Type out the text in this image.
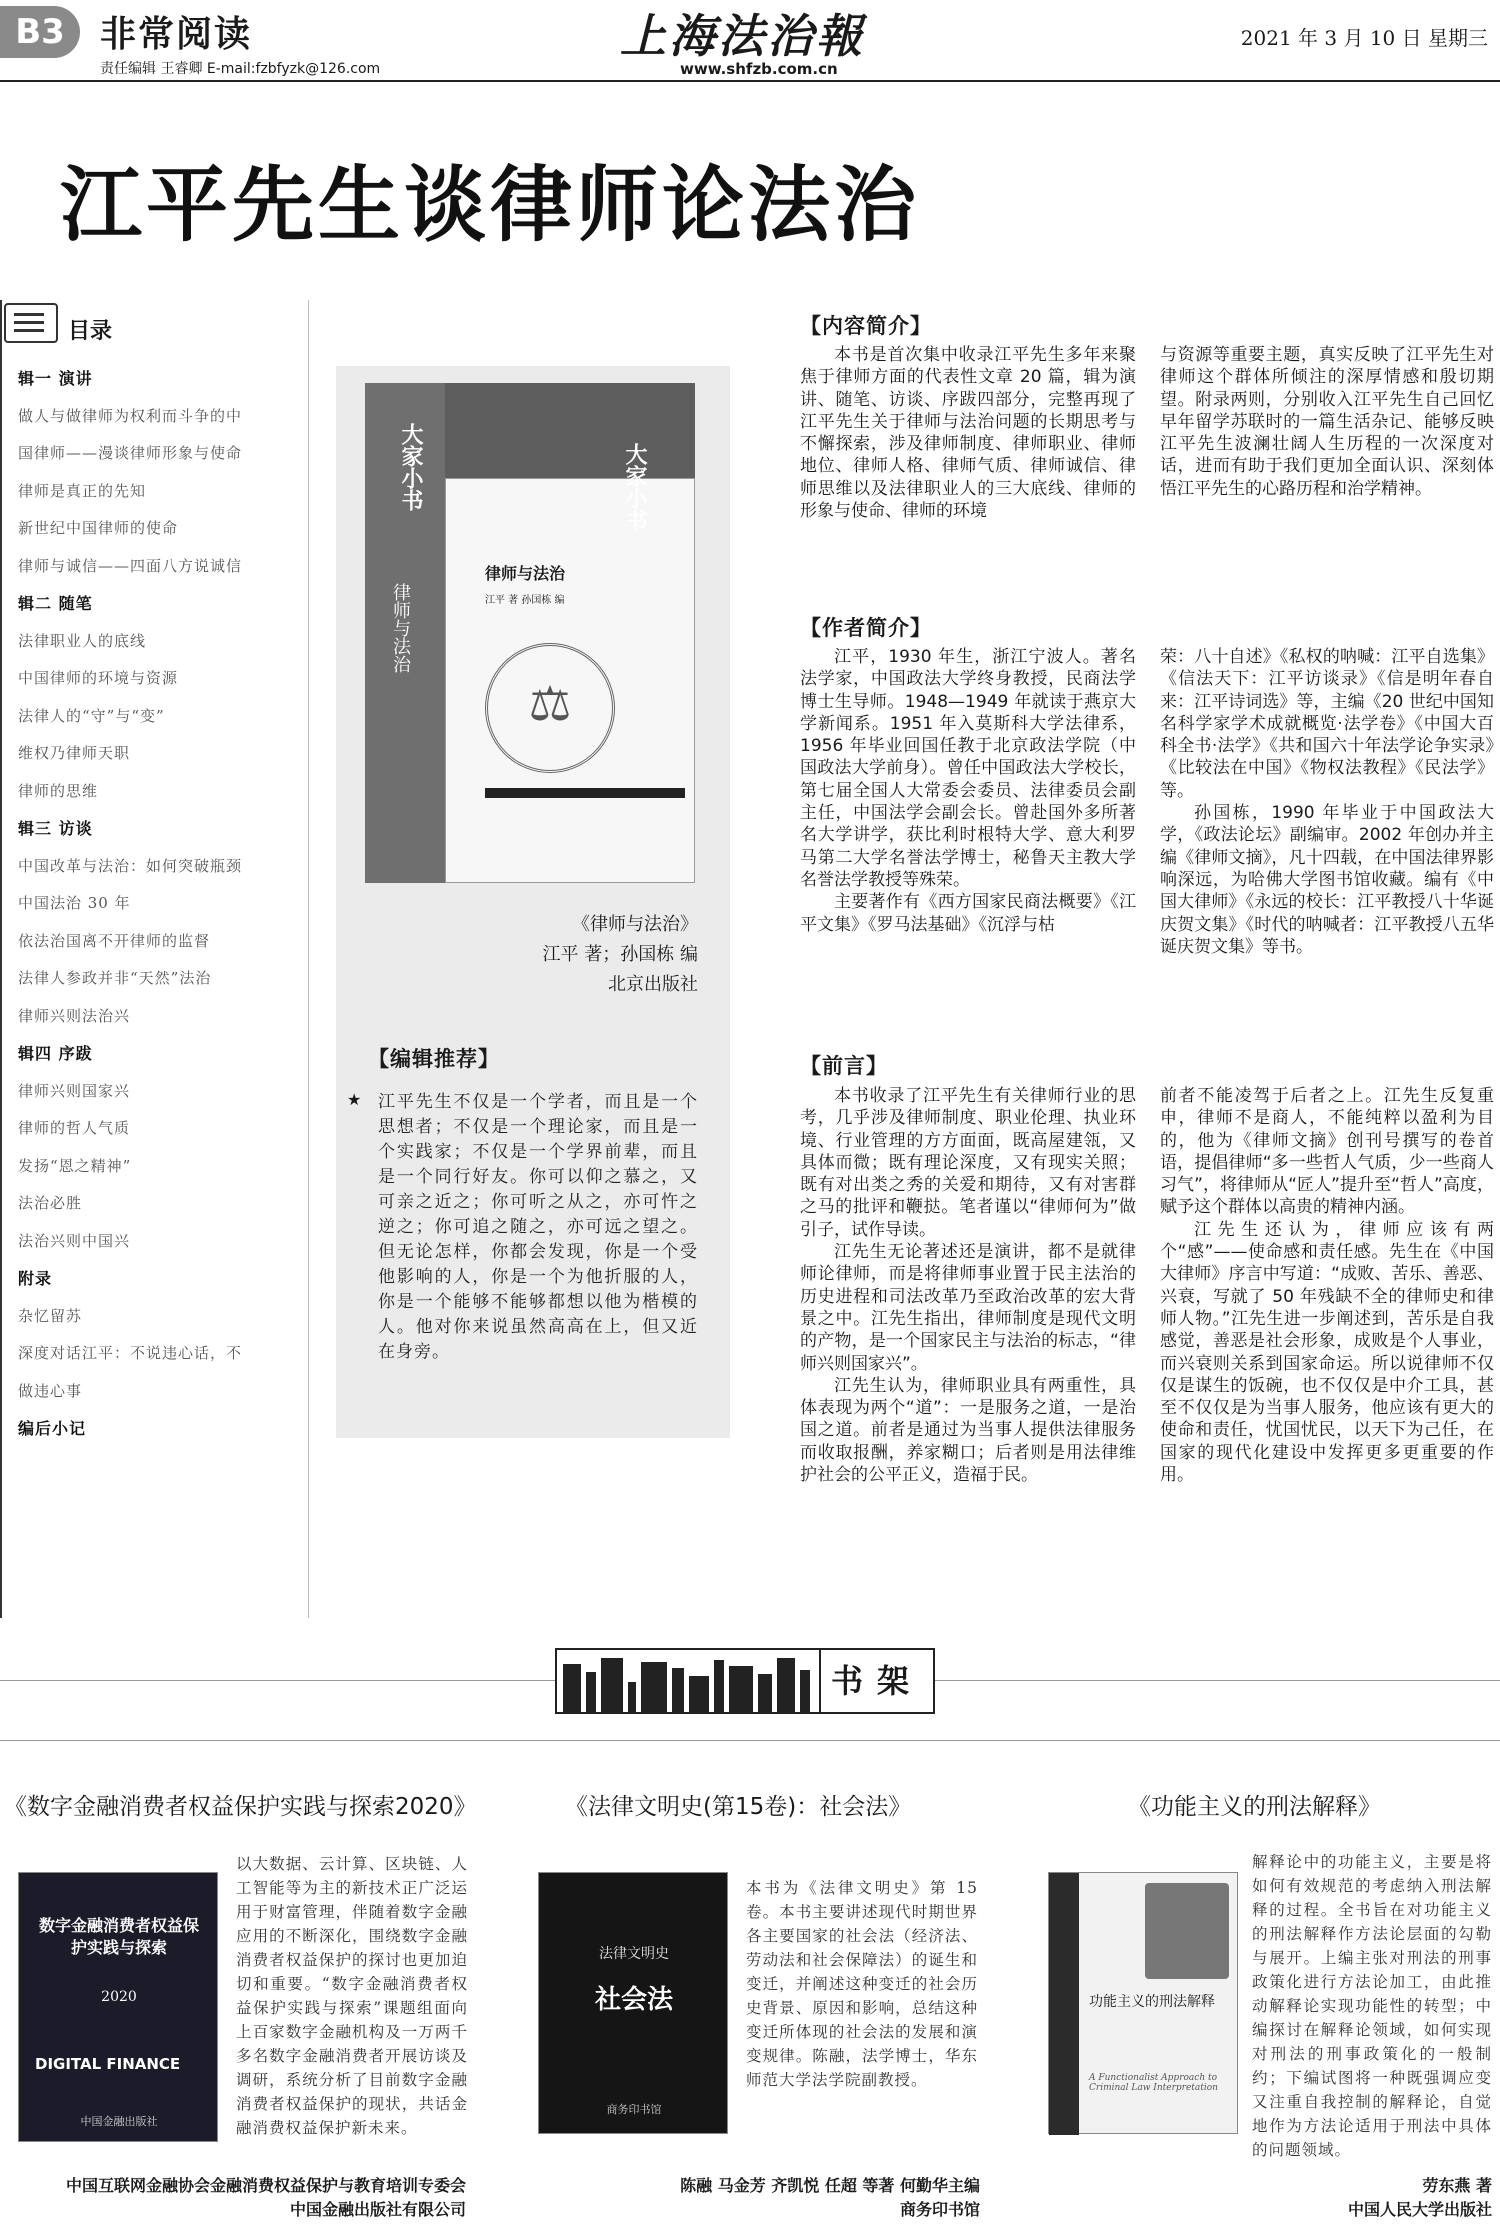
B3 非常阅读
责任编辑 王睿卿 E-mail:fzbfyzk@126.com
上海法治報
www.shfzb.com.cn
2021 年 3 月 10 日 星期三
江平先生谈律师论法治
目录
辑一 演讲
做人与做律师为权利而斗争的中
国律师——漫谈律师形象与使命
律师是真正的先知
新世纪中国律师的使命
律师与诚信——四面八方说诚信
辑二 随笔
法律职业人的底线
中国律师的环境与资源
法律人的“守”与“变”
维权乃律师天职
律师的思维
辑三 访谈
中国改革与法治：如何突破瓶颈
中国法治 30 年
依法治国离不开律师的监督
法律人参政并非“天然”法治
律师兴则法治兴
辑四 序跋
律师兴则国家兴
律师的哲人气质
发扬“恩之精神”
法治必胜
法治兴则中国兴
附录
杂忆留苏
深度对话江平：不说违心话，不
做违心事
编后小记
大家小书
律师与法治
大家小书
律师与法治
江平 著 孙国栋 编
⚖
《律师与法治》
江平 著；孙国栋 编
北京出版社
【编辑推荐】
★ 江平先生不仅是一个学者，而且是一个思想者；不仅是一个理论家，而且是一个实践家；不仅是一个学界前辈，而且是一个同行好友。你可以仰之慕之，又可亲之近之；你可听之从之，亦可忤之逆之；你可追之随之，亦可远之望之。但无论怎样，你都会发现，你是一个受他影响的人，你是一个为他折服的人，你是一个能够不能够都想以他为楷模的人。他对你来说虽然高高在上，但又近在身旁。
【内容简介】

本书是首次集中收录江平先生多年来聚焦于律师方面的代表性文章 20 篇，辑为演讲、随笔、访谈、序跋四部分，完整再现了江平先生关于律师与法治问题的长期思考与不懈探索，涉及律师制度、律师职业、律师地位、律师人格、律师气质、律师诚信、律师思维以及法律职业人的三大底线、律师的形象与使命、律师的环境

与资源等重要主题，真实反映了江平先生对律师这个群体所倾注的深厚情感和殷切期望。附录两则，分别收入江平先生自己回忆早年留学苏联时的一篇生活杂记、能够反映江平先生波澜壮阔人生历程的一次深度对话，进而有助于我们更加全面认识、深刻体悟江平先生的心路历程和治学精神。

【作者简介】

江平，1930 年生，浙江宁波人。著名法学家，中国政法大学终身教授，民商法学博士生导师。1948—1949 年就读于燕京大学新闻系。1951 年入莫斯科大学法律系，1956 年毕业回国任教于北京政法学院（中国政法大学前身）。曾任中国政法大学校长，第七届全国人大常委会委员、法律委员会副主任，中国法学会副会长。曾赴国外多所著名大学讲学，获比利时根特大学、意大利罗马第二大学名誉法学博士，秘鲁天主教大学名誉法学教授等殊荣。

主要著作有《西方国家民商法概要》《江平文集》《罗马法基础》《沉浮与枯

荣：八十自述》《私权的呐喊：江平自选集》《信法天下：江平访谈录》《信是明年春自来：江平诗词选》等，主编《20 世纪中国知名科学家学术成就概览·法学卷》《中国大百科全书·法学》《共和国六十年法学论争实录》《比较法在中国》《物权法教程》《民法学》等。

孙国栋，1990 年毕业于中国政法大学，《政法论坛》副编审。2002 年创办并主编《律师文摘》，凡十四载，在中国法律界影响深远，为哈佛大学图书馆收藏。编有《中国大律师》《永远的校长：江平教授八十华诞庆贺文集》《时代的呐喊者：江平教授八五华诞庆贺文集》等书。

【前言】

本书收录了江平先生有关律师行业的思考，几乎涉及律师制度、职业伦理、执业环境、行业管理的方方面面，既高屋建瓴，又具体而微；既有理论深度，又有现实关照；既有对出类之秀的关爱和期待，又有对害群之马的批评和鞭挞。笔者谨以“律师何为”做引子，试作导读。

江先生无论著述还是演讲，都不是就律师论律师，而是将律师事业置于民主法治的历史进程和司法改革乃至政治改革的宏大背景之中。江先生指出，律师制度是现代文明的产物，是一个国家民主与法治的标志，“律师兴则国家兴”。

江先生认为，律师职业具有两重性，具体表现为两个“道”：一是服务之道，一是治国之道。前者是通过为当事人提供法律服务而收取报酬，养家糊口；后者则是用法律维护社会的公平正义，造福于民。

前者不能凌驾于后者之上。江先生反复重申，律师不是商人，不能纯粹以盈利为目的，他为《律师文摘》创刊号撰写的卷首语，提倡律师“多一些哲人气质，少一些商人习气”，将律师从“匠人”提升至“哲人”高度，赋予这个群体以高贵的精神内涵。

江先生还认为，律师应该有两个“感”——使命感和责任感。先生在《中国大律师》序言中写道：“成败、苦乐、善恶、兴衰，写就了 50 年残缺不全的律师史和律师人物。”江先生进一步阐述到，苦乐是自我感觉，善恶是社会形象，成败是个人事业，而兴衰则关系到国家命运。所以说律师不仅仅是谋生的饭碗，也不仅仅是中介工具，甚至不仅仅是为当事人服务，他应该有更大的使命和责任，忧国忧民，以天下为己任，在国家的现代化建设中发挥更多更重要的作用。

书架
《数字金融消费者权益保护实践与探索2020》
数字金融消费者权益保护实践与探索
2020
DIGITAL FINANCE
中国金融出版社
以大数据、云计算、区块链、人工智能等为主的新技术正广泛运用于财富管理，伴随着数字金融应用的不断深化，围绕数字金融消费者权益保护的探讨也更加迫切和重要。“数字金融消费者权益保护实践与探索”课题组面向上百家数字金融机构及一万两千多名数字金融消费者开展访谈及调研，系统分析了目前数字金融消费者权益保护的现状，共话金融消费权益保护新未来。
中国互联网金融协会金融消费权益保护与教育培训专委会
中国金融出版社有限公司
《法律文明史(第15卷)：社会法》
法律文明史
社会法
商务印书馆
本书为《法律文明史》第 15 卷。本书主要讲述现代时期世界各主要国家的社会法（经济法、劳动法和社会保障法）的诞生和变迁，并阐述这种变迁的社会历史背景、原因和影响，总结这种变迁所体现的社会法的发展和演变规律。陈融，法学博士，华东师范大学法学院副教授。
陈融 马金芳 齐凯悦 任超 等著 何勤华主编
商务印书馆
《功能主义的刑法解释》
功能主义的刑法解释
A Functionalist Approach to Criminal Law Interpretation
解释论中的功能主义，主要是将如何有效规范的考虑纳入刑法解释的过程。全书旨在对功能主义的刑法解释作方法论层面的勾勒与展开。上编主张对刑法的刑事政策化进行方法论加工，由此推动解释论实现功能性的转型；中编探讨在解释论领域，如何实现对刑法的刑事政策化的一般制约；下编试图将一种既强调应变又注重自我控制的解释论，自觉地作为方法论适用于刑法中具体的问题领域。
劳东燕 著
中国人民大学出版社
